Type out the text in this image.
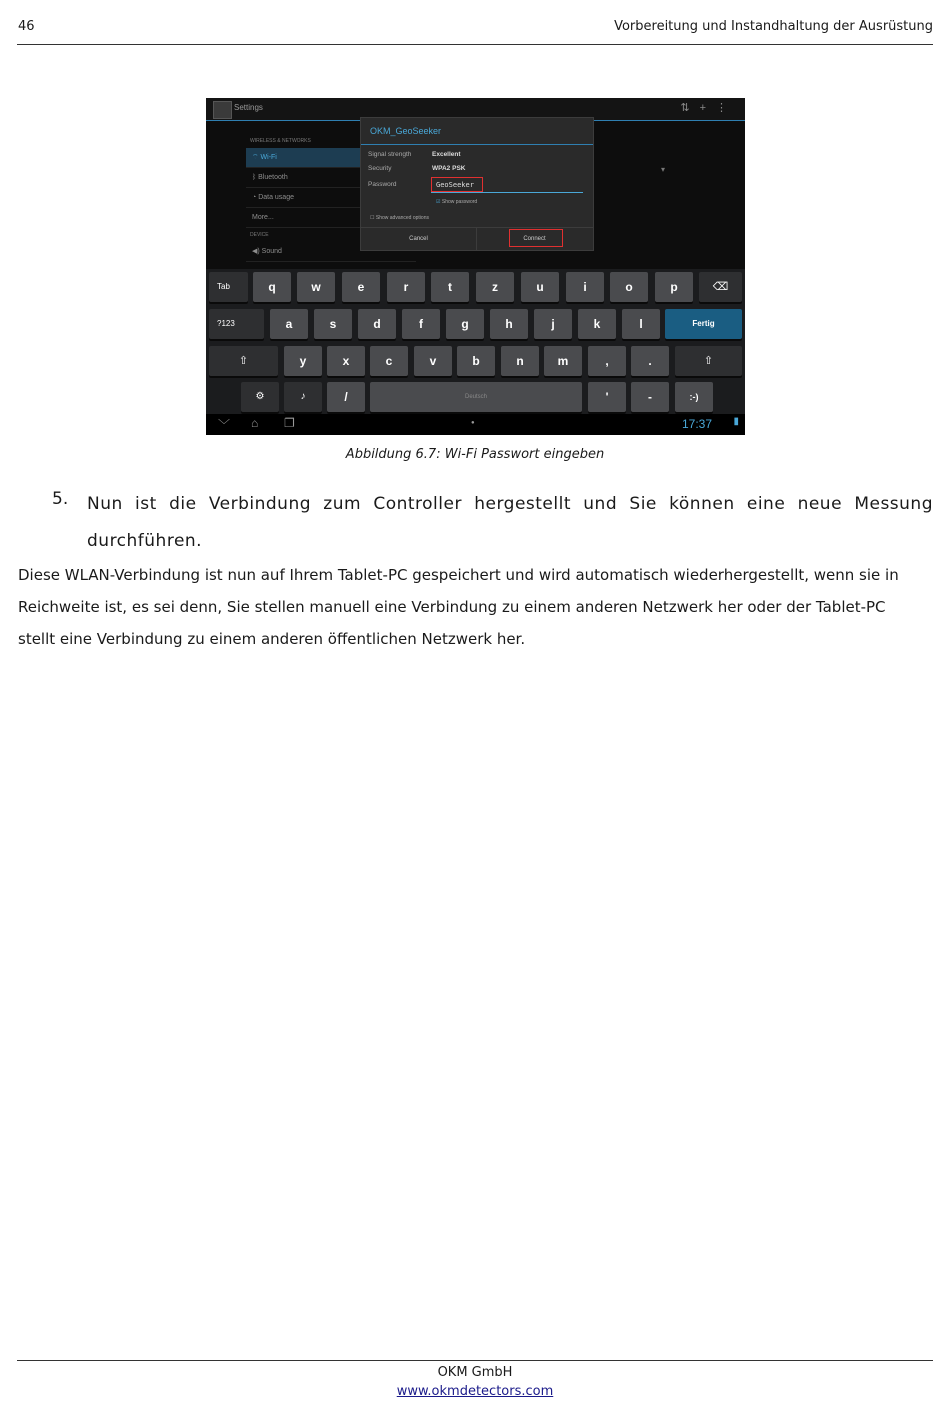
46	Vorbereitung und Instandhaltung der Ausrüstung
Settings	⇅+⋮
WIRELESS & NETWORKS
⌔ Wi-Fi
ᛒ Bluetooth
◔ Data usage
More...
DEVICE
◀) Sound
OKM_GeoSeeker
Signal strength	Excellent
Security	WPA2 PSK
Password	GeoSeeker
☑ Show password
☐ Show advanced options
Cancel	Connect
▾
Tab	q	w	e	r	t	z	u	i	o	p	⌫
?123	a	s	d	f	g	h	j	k	l	Fertig
⇧	y	x	c	v	b	n	m	,	.	⇧
⚙	♪	/	Deutsch	'	-	:-)
﹀ ⌂ ❐	●	17:37 ▮
Abbildung 6.7: Wi-Fi Passwort eingeben
5. Nun ist die Verbindung zum Controller hergestellt und Sie können eine neue Messung durchführen.
Diese WLAN-Verbindung ist nun auf Ihrem Tablet-PC gespeichert und wird automatisch wiederhergestellt, wenn sie in Reichweite ist, es sei denn, Sie stellen manuell eine Verbindung zu einem anderen Netzwerk her oder der Tablet-PC stellt eine Verbindung zu einem anderen öffentlichen Netzwerk her.
OKM GmbH
www.okmdetectors.com
